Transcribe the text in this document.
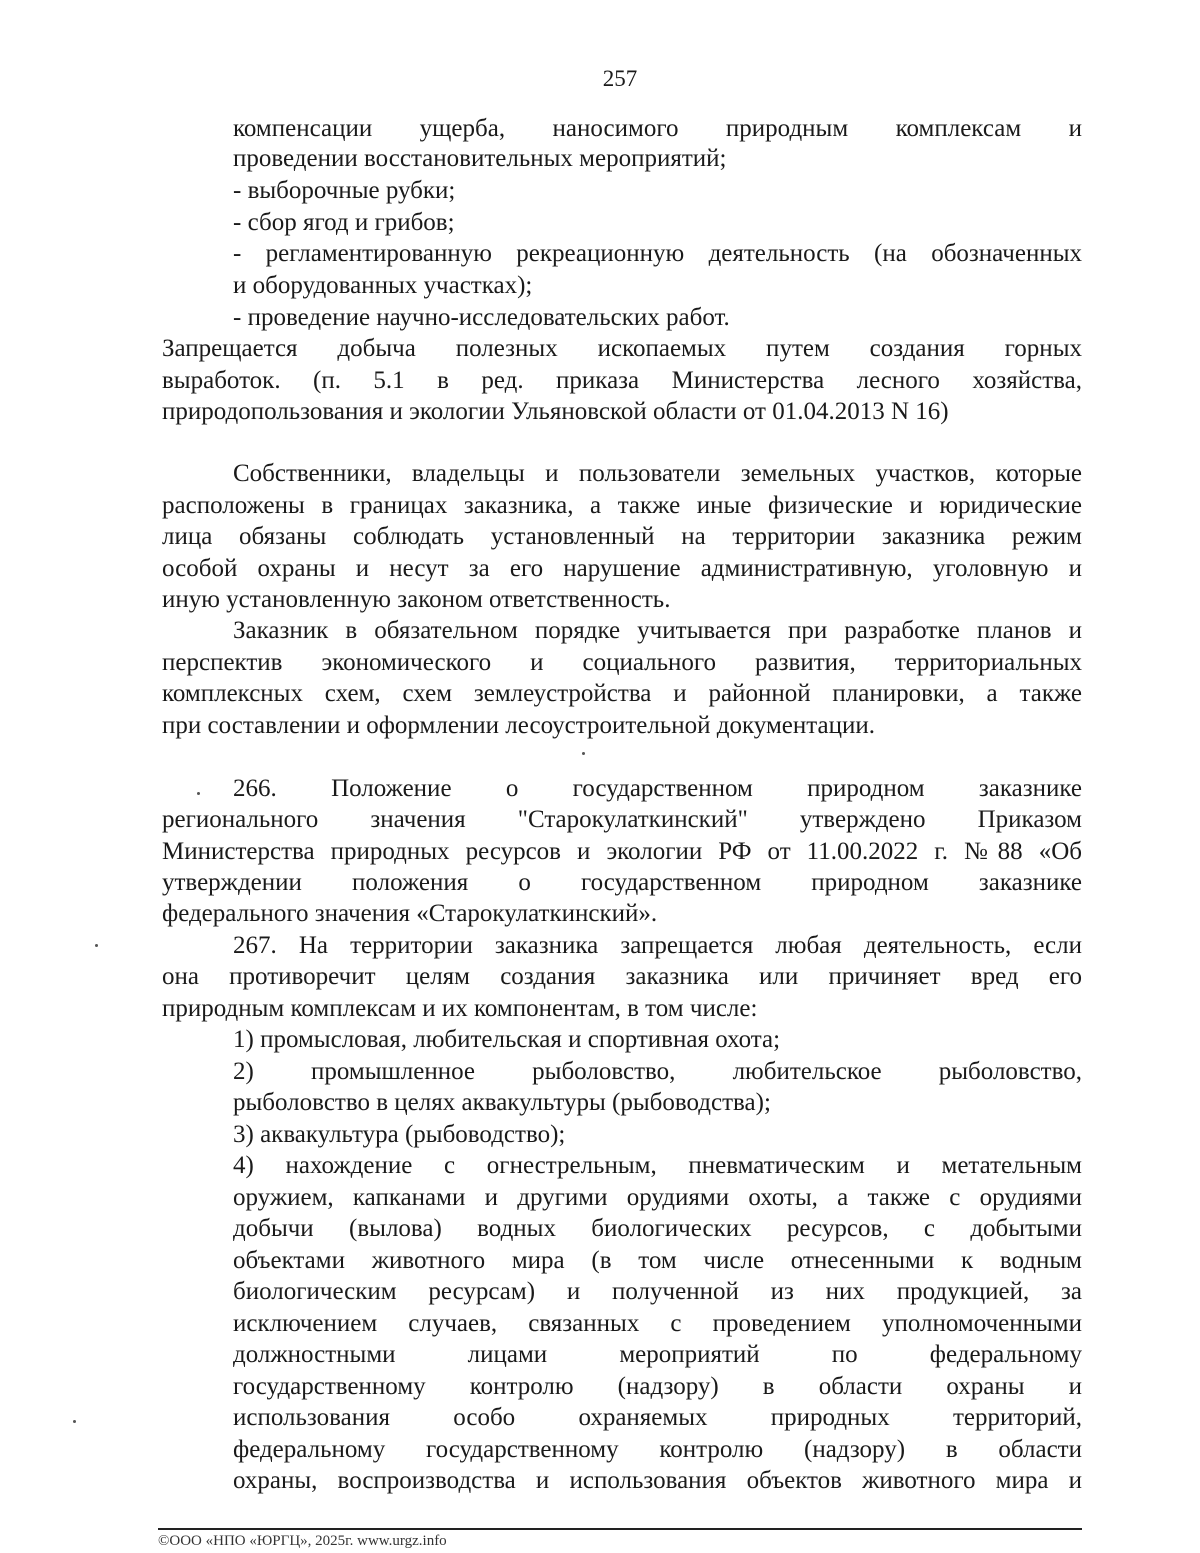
257
компенсации ущерба, наносимого природным комплексам и
проведении восстановительных мероприятий;
- выборочные рубки;
- сбор ягод и грибов;
- регламентированную рекреационную деятельность (на обозначенных
и оборудованных участках);
- проведение научно-исследовательских работ.
Запрещается добыча полезных ископаемых путем создания горных
выработок. (п. 5.1 в ред. приказа Министерства лесного хозяйства,
природопользования и экологии Ульяновской области от 01.04.2013 N 16)
Собственники, владельцы и пользователи земельных участков, которые
расположены в границах заказника, а также иные физические и юридические
лица обязаны соблюдать установленный на территории заказника режим
особой охраны и несут за его нарушение административную, уголовную и
иную установленную законом ответственность.
Заказник в обязательном порядке учитывается при разработке планов и
перспектив экономического и социального развития, территориальных
комплексных схем, схем землеустройства и районной планировки, а также
при составлении и оформлении лесоустроительной документации.
266. Положение о государственном природном заказнике
регионального значения "Старокулаткинский" утверждено Приказом
Министерства природных ресурсов и экологии РФ от 11.00.2022 г. №88 «Об
утверждении положения о государственном природном заказнике
федерального значения «Старокулаткинский».
267. На территории заказника запрещается любая деятельность, если
она противоречит целям создания заказника или причиняет вред его
природным комплексам и их компонентам, в том числе:
1) промысловая, любительская и спортивная охота;
2) промышленное рыболовство, любительское рыболовство,
рыболовство в целях аквакультуры (рыбоводства);
3) аквакультура (рыбоводство);
4) нахождение с огнестрельным, пневматическим и метательным
оружием, капканами и другими орудиями охоты, а также с орудиями
добычи (вылова) водных биологических ресурсов, с добытыми
объектами животного мира (в том числе отнесенными к водным
биологическим ресурсам) и полученной из них продукцией, за
исключением случаев, связанных с проведением уполномоченными
должностными лицами мероприятий по федеральному
государственному контролю (надзору) в области охраны и
использования особо охраняемых природных территорий,
федеральному государственному контролю (надзору) в области
охраны, воспроизводства и использования объектов животного мира и
©ООО «НПО «ЮРГЦ», 2025г. www.urgz.info
